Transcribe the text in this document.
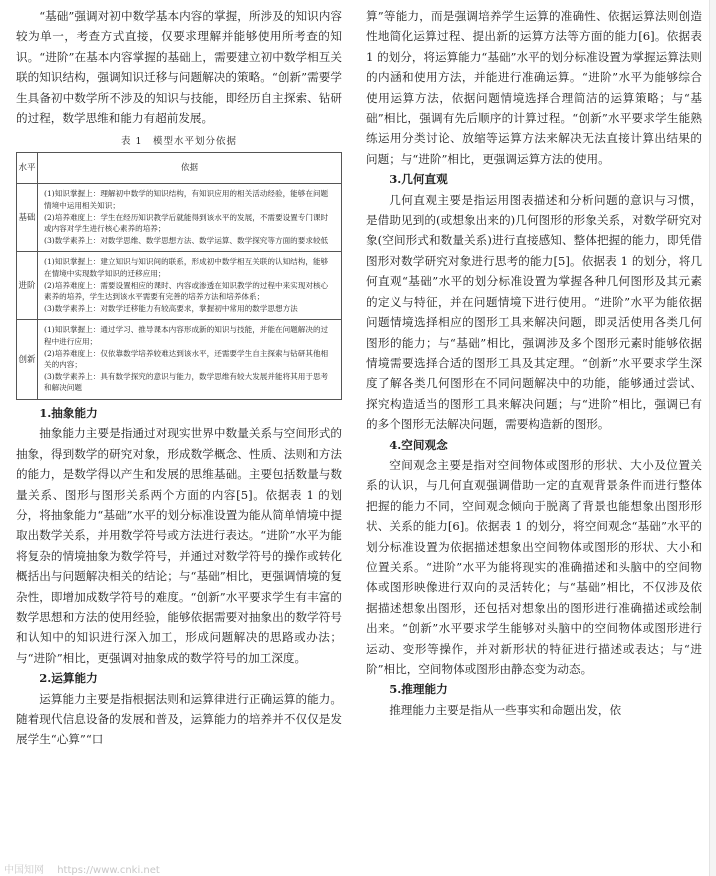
“基础”强调对初中数学基本内容的掌握，所涉及的知识内容较为单一，考查方式直接，仅要求理解并能够使用所考查的知识。“进阶”在基本内容掌握的基础上，需要建立初中数学相互关联的知识结构，强调知识迁移与问题解决的策略。“创新”需要学生具备初中数学所不涉及的知识与技能，即经历自主探索、钻研的过程，数学思维和能力有超前发展。

表 1　模型水平划分依据
水平	依据
基础	(1)知识掌握上：理解初中数学的知识结构，有知识应用的相关活动经验，能够在问题情境中运用相关知识；
(2)培养难度上：学生在经历知识教学后就能得到该水平的发展，不需要设置专门课时或内容对学生进行核心素养的培养；
(3)数学素养上：对数学思维、数学思想方法、数学运算、数学探究等方面的要求较低

进阶	(1)知识掌握上：建立知识与知识间的联系，形成初中数学相互关联的认知结构，能够在情境中实现数学知识的迁移应用；
(2)培养难度上：需要设置相应的课时、内容或渗透在知识教学的过程中来实现对核心素养的培养，学生达到该水平需要有完善的培养方法和培养体系；
(3)数学素养上：对数学迁移能力有较高要求，掌握初中常用的数学思想方法

创新	(1)知识掌握上：通过学习、推导课本内容形成新的知识与技能，并能在问题解决的过程中进行应用；
(2)培养难度上：仅依靠数学培养较难达到该水平，还需要学生自主探索与钻研其他相关的内容；
(3)数学素养上：具有数学探究的意识与能力，数学思维有较大发展并能将其用于思考和解决问题

1.抽象能力

抽象能力主要是指通过对现实世界中数量关系与空间形式的抽象，得到数学的研究对象，形成数学概念、性质、法则和方法的能力，是数学得以产生和发展的思维基础。主要包括数量与数量关系、图形与图形关系两个方面的内容[5]。依据表 1 的划分，将抽象能力“基础”水平的划分标准设置为能从简单情境中提取出数学关系，并用数学符号或方法进行表达。“进阶”水平为能将复杂的情境抽象为数学符号，并通过对数学符号的操作或转化概括出与问题解决相关的结论；与“基础”相比，更强调情境的复杂性，即增加成数学符号的难度。“创新”水平要求学生有丰富的数学思想和方法的使用经验，能够依据需要对抽象出的数学符号和认知中的知识进行深入加工，形成问题解决的思路或办法；与“进阶”相比，更强调对抽象成的数学符号的加工深度。

2.运算能力

运算能力主要是指根据法则和运算律进行正确运算的能力。随着现代信息设备的发展和普及，运算能力的培养并不仅仅是发展学生“心算”“口

算”等能力，而是强调培养学生运算的准确性、依据运算法则创造性地简化运算过程、提出新的运算方法等方面的能力[6]。依据表 1 的划分，将运算能力“基础”水平的划分标准设置为掌握运算法则的内涵和使用方法，并能进行准确运算。“进阶”水平为能够综合使用运算方法，依据问题情境选择合理简洁的运算策略；与“基础”相比，强调有先后顺序的计算过程。“创新”水平要求学生能熟练运用分类讨论、放缩等运算方法来解决无法直接计算出结果的问题；与“进阶”相比，更强调运算方法的使用。

3.几何直观

几何直观主要是指运用图表描述和分析问题的意识与习惯，是借助见到的(或想象出来的)几何图形的形象关系，对数学研究对象(空间形式和数量关系)进行直接感知、整体把握的能力，即凭借图形对数学研究对象进行思考的能力[5]。依据表 1 的划分，将几何直观“基础”水平的划分标准设置为掌握各种几何图形及其元素的定义与特征，并在问题情境下进行使用。“进阶”水平为能依据问题情境选择相应的图形工具来解决问题，即灵活使用各类几何图形的能力；与“基础”相比，强调涉及多个图形元素时能够依据情境需要选择合适的图形工具及其定理。“创新”水平要求学生深度了解各类几何图形在不同问题解决中的功能，能够通过尝试、探究构造适当的图形工具来解决问题；与“进阶”相比，强调已有的多个图形无法解决问题，需要构造新的图形。

4.空间观念

空间观念主要是指对空间物体或图形的形状、大小及位置关系的认识，与几何直观强调借助一定的直观背景条件而进行整体把握的能力不同，空间观念倾向于脱离了背景也能想象出图形形状、关系的能力[6]。依据表 1 的划分，将空间观念“基础”水平的划分标准设置为依据描述想象出空间物体或图形的形状、大小和位置关系。“进阶”水平为能将现实的准确描述和头脑中的空间物体或图形映像进行双向的灵活转化；与“基础”相比，不仅涉及依据描述想象出图形，还包括对想象出的图形进行准确描述或绘制出来。“创新”水平要求学生能够对头脑中的空间物体或图形进行运动、变形等操作，并对新形状的特征进行描述或表达；与“进阶”相比，空间物体或图形由静态变为动态。

5.推理能力

推理能力主要是指从一些事实和命题出发，依

中国知网 https://www.cnki.net
